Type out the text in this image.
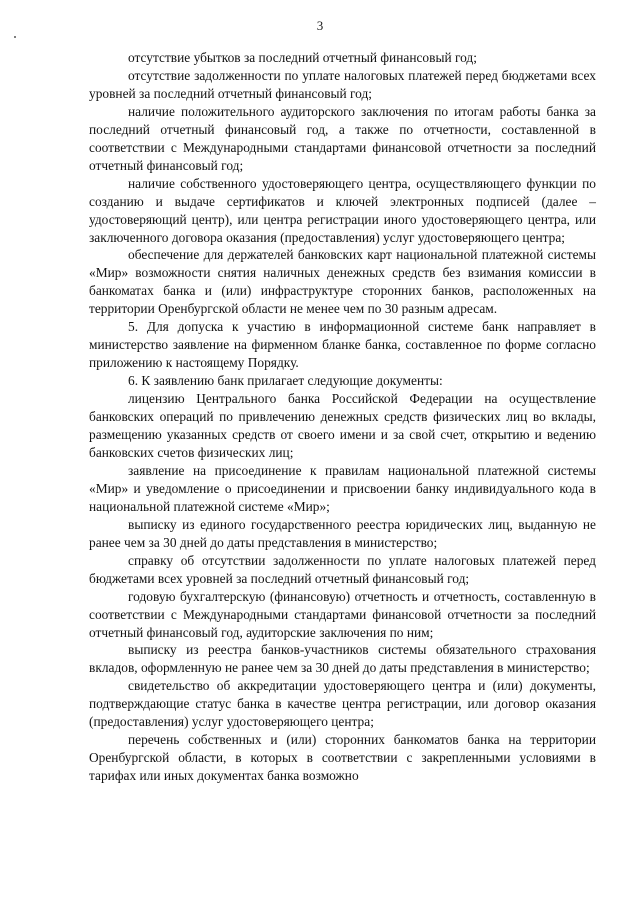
3

отсутствие убытков за последний отчетный финансовый год;

отсутствие задолженности по уплате налоговых платежей перед бюджетами всех уровней за последний отчетный финансовый год;

наличие положительного аудиторского заключения по итогам работы банка за последний отчетный финансовый год, а также по отчетности, составленной в соответствии с Международными стандартами финансовой отчетности за последний отчетный финансовый год;

наличие собственного удостоверяющего центра, осуществляющего функции по созданию и выдаче сертификатов и ключей электронных подписей (далее – удостоверяющий центр), или центра регистрации иного удостоверяющего центра, или заключенного договора оказания (предоставления) услуг удостоверяющего центра;

обеспечение для держателей банковских карт национальной платежной системы «Мир» возможности снятия наличных денежных средств без взимания комиссии в банкоматах банка и (или) инфраструктуре сторонних банков, расположенных на территории Оренбургской области не менее чем по 30 разным адресам.

5. Для допуска к участию в информационной системе банк направляет в министерство заявление на фирменном бланке банка, составленное по форме согласно приложению к настоящему Порядку.

6. К заявлению банк прилагает следующие документы:

лицензию Центрального банка Российской Федерации на осуществление банковских операций по привлечению денежных средств физических лиц во вклады, размещению указанных средств от своего имени и за свой счет, открытию и ведению банковских счетов физических лиц;

заявление на присоединение к правилам национальной платежной системы «Мир» и уведомление о присоединении и присвоении банку индивидуального кода в национальной платежной системе «Мир»;

выписку из единого государственного реестра юридических лиц, выданную не ранее чем за 30 дней до даты представления в министерство;

справку об отсутствии задолженности по уплате налоговых платежей перед бюджетами всех уровней за последний отчетный финансовый год;

годовую бухгалтерскую (финансовую) отчетность и отчетность, составленную в соответствии с Международными стандартами финансовой отчетности за последний отчетный финансовый год, аудиторские заключения по ним;

выписку из реестра банков-участников системы обязательного страхования вкладов, оформленную не ранее чем за 30 дней до даты представления в министерство;

свидетельство об аккредитации удостоверяющего центра и (или) документы, подтверждающие статус банка в качестве центра регистрации, или договор оказания (предоставления) услуг удостоверяющего центра;

перечень собственных и (или) сторонних банкоматов банка на территории Оренбургской области, в которых в соответствии с закрепленными условиями в тарифах или иных документах банка возможно
